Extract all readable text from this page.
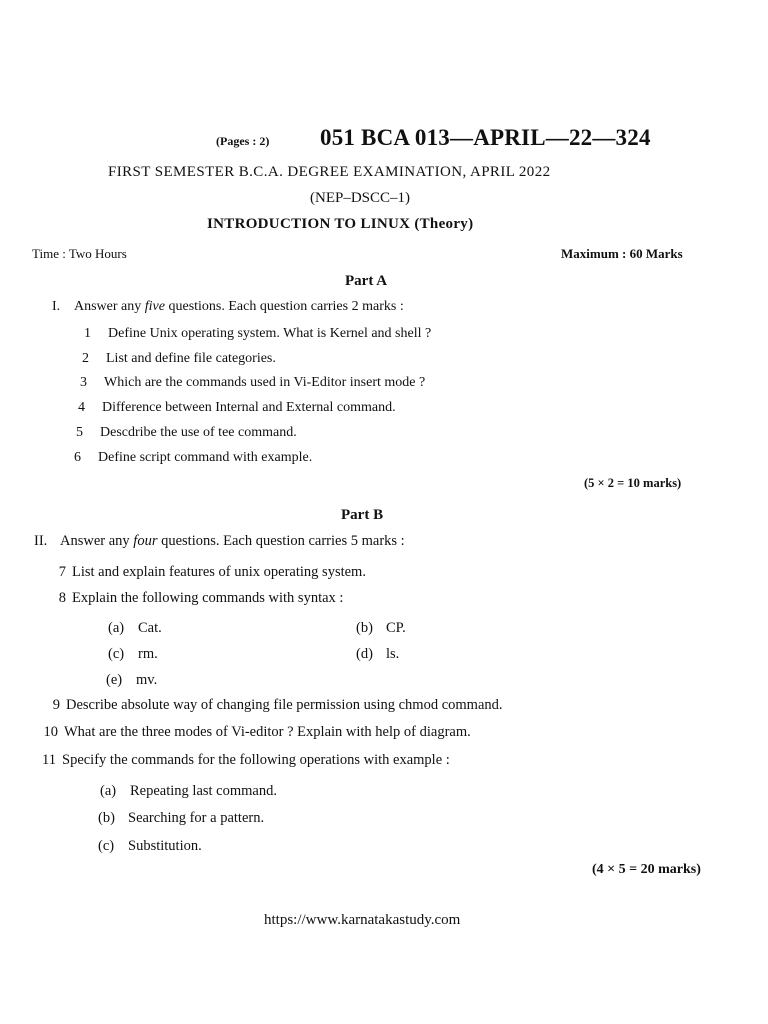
(Pages : 2) 051 BCA 013—APRIL—22—324
FIRST SEMESTER B.C.A. DEGREE EXAMINATION, APRIL 2022
(NEP–DSCC–1)
INTRODUCTION TO LINUX (Theory)
Time : Two Hours	Maximum : 60 Marks
Part A
I. Answer any five questions. Each question carries 2 marks :
1 Define Unix operating system. What is Kernel and shell ?
2 List and define file categories.
3 Which are the commands used in Vi-Editor insert mode ?
4 Difference between Internal and External command.
5 Descdribe the use of tee command.
6 Define script command with example.
(5 × 2 = 10 marks)
Part B
II. Answer any four questions. Each question carries 5 marks :
7 List and explain features of unix operating system.
8 Explain the following commands with syntax :
(a) Cat.	(b) CP.
(c) rm.	(d) ls.
(e) mv.
9 Describe absolute way of changing file permission using chmod command.
10 What are the three modes of Vi-editor ? Explain with help of diagram.
11 Specify the commands for the following operations with example :
(a) Repeating last command.
(b) Searching for a pattern.
(c) Substitution.
(4 × 5 = 20 marks)
https://www.karnatakastudy.com
